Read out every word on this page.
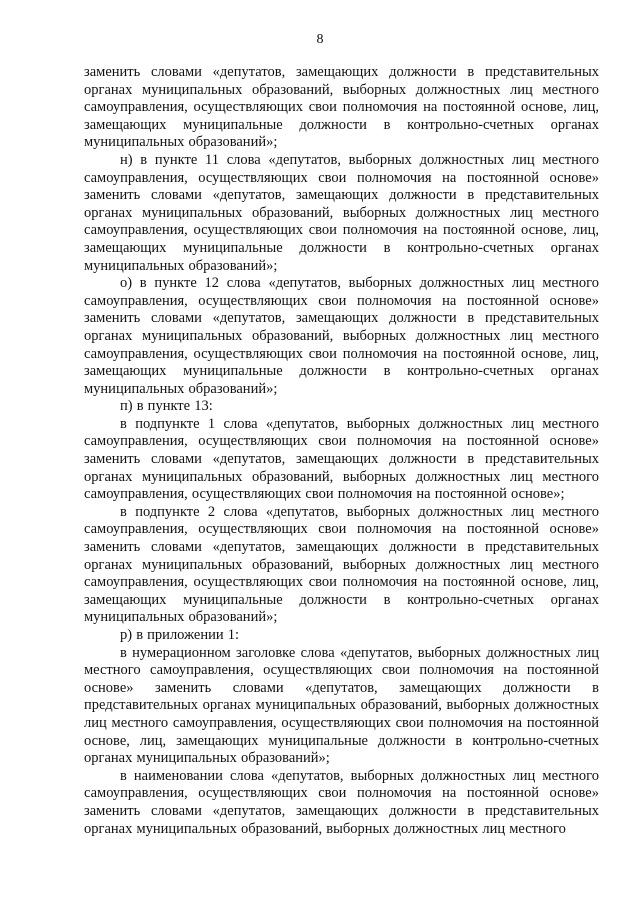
8

заменить словами «депутатов, замещающих должности в представительных органах муниципальных образований, выборных должностных лиц местного самоуправления, осуществляющих свои полномочия на постоянной основе, лиц, замещающих муниципальные должности в контрольно-счетных органах муниципальных образований»;

н) в пункте 11 слова «депутатов, выборных должностных лиц местного самоуправления, осуществляющих свои полномочия на постоянной основе» заменить словами «депутатов, замещающих должности в представительных органах муниципальных образований, выборных должностных лиц местного самоуправления, осуществляющих свои полномочия на постоянной основе, лиц, замещающих муниципальные должности в контрольно-счетных органах муниципальных образований»;

о) в пункте 12 слова «депутатов, выборных должностных лиц местного самоуправления, осуществляющих свои полномочия на постоянной основе» заменить словами «депутатов, замещающих должности в представительных органах муниципальных образований, выборных должностных лиц местного самоуправления, осуществляющих свои полномочия на постоянной основе, лиц, замещающих муниципальные должности в контрольно-счетных органах муниципальных образований»;

п) в пункте 13:

в подпункте 1 слова «депутатов, выборных должностных лиц местного самоуправления, осуществляющих свои полномочия на постоянной основе» заменить словами «депутатов, замещающих должности в представительных органах муниципальных образований, выборных должностных лиц местного самоуправления, осуществляющих свои полномочия на постоянной основе»;

в подпункте 2 слова «депутатов, выборных должностных лиц местного самоуправления, осуществляющих свои полномочия на постоянной основе» заменить словами «депутатов, замещающих должности в представительных органах муниципальных образований, выборных должностных лиц местного самоуправления, осуществляющих свои полномочия на постоянной основе, лиц, замещающих муниципальные должности в контрольно-счетных органах муниципальных образований»;

р) в приложении 1:

в нумерационном заголовке слова «депутатов, выборных должностных лиц местного самоуправления, осуществляющих свои полномочия на постоянной основе» заменить словами «депутатов, замещающих должности в представительных органах муниципальных образований, выборных должностных лиц местного самоуправления, осуществляющих свои полномочия на постоянной основе, лиц, замещающих муниципальные должности в контрольно-счетных органах муниципальных образований»;

в наименовании слова «депутатов, выборных должностных лиц местного самоуправления, осуществляющих свои полномочия на постоянной основе» заменить словами «депутатов, замещающих должности в представительных органах муниципальных образований, выборных должностных лиц местного
